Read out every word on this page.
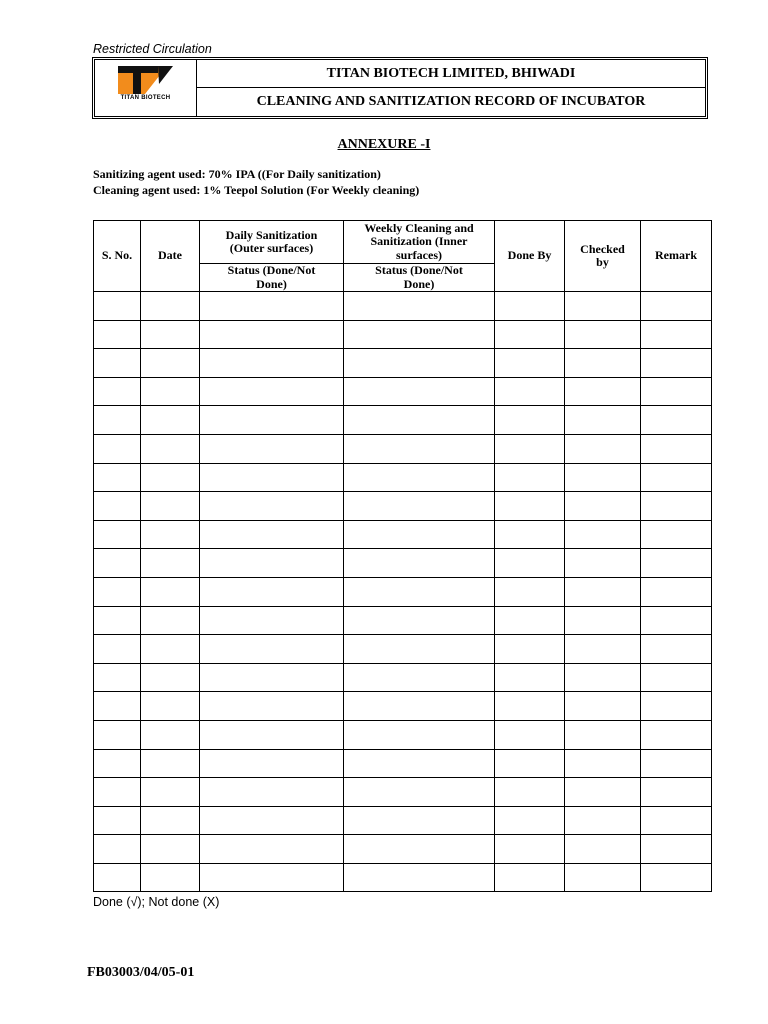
Restricted Circulation
TITAN BIOTECH
TITAN BIOTECH LIMITED, BHIWADI
CLEANING AND SANITIZATION RECORD OF INCUBATOR
ANNEXURE -I
Sanitizing agent used: 70% IPA ((For Daily sanitization)
Cleaning agent used: 1% Teepol Solution (For Weekly cleaning)
S. No.	Date	Daily Sanitization (Outer surfaces)	Weekly Cleaning and Sanitization (Inner surfaces)	Done By	Checked by	Remark
		Status (Done/Not Done)	Status (Done/Not Done)			

Done (√); Not done (X)
FB03003/04/05-01
